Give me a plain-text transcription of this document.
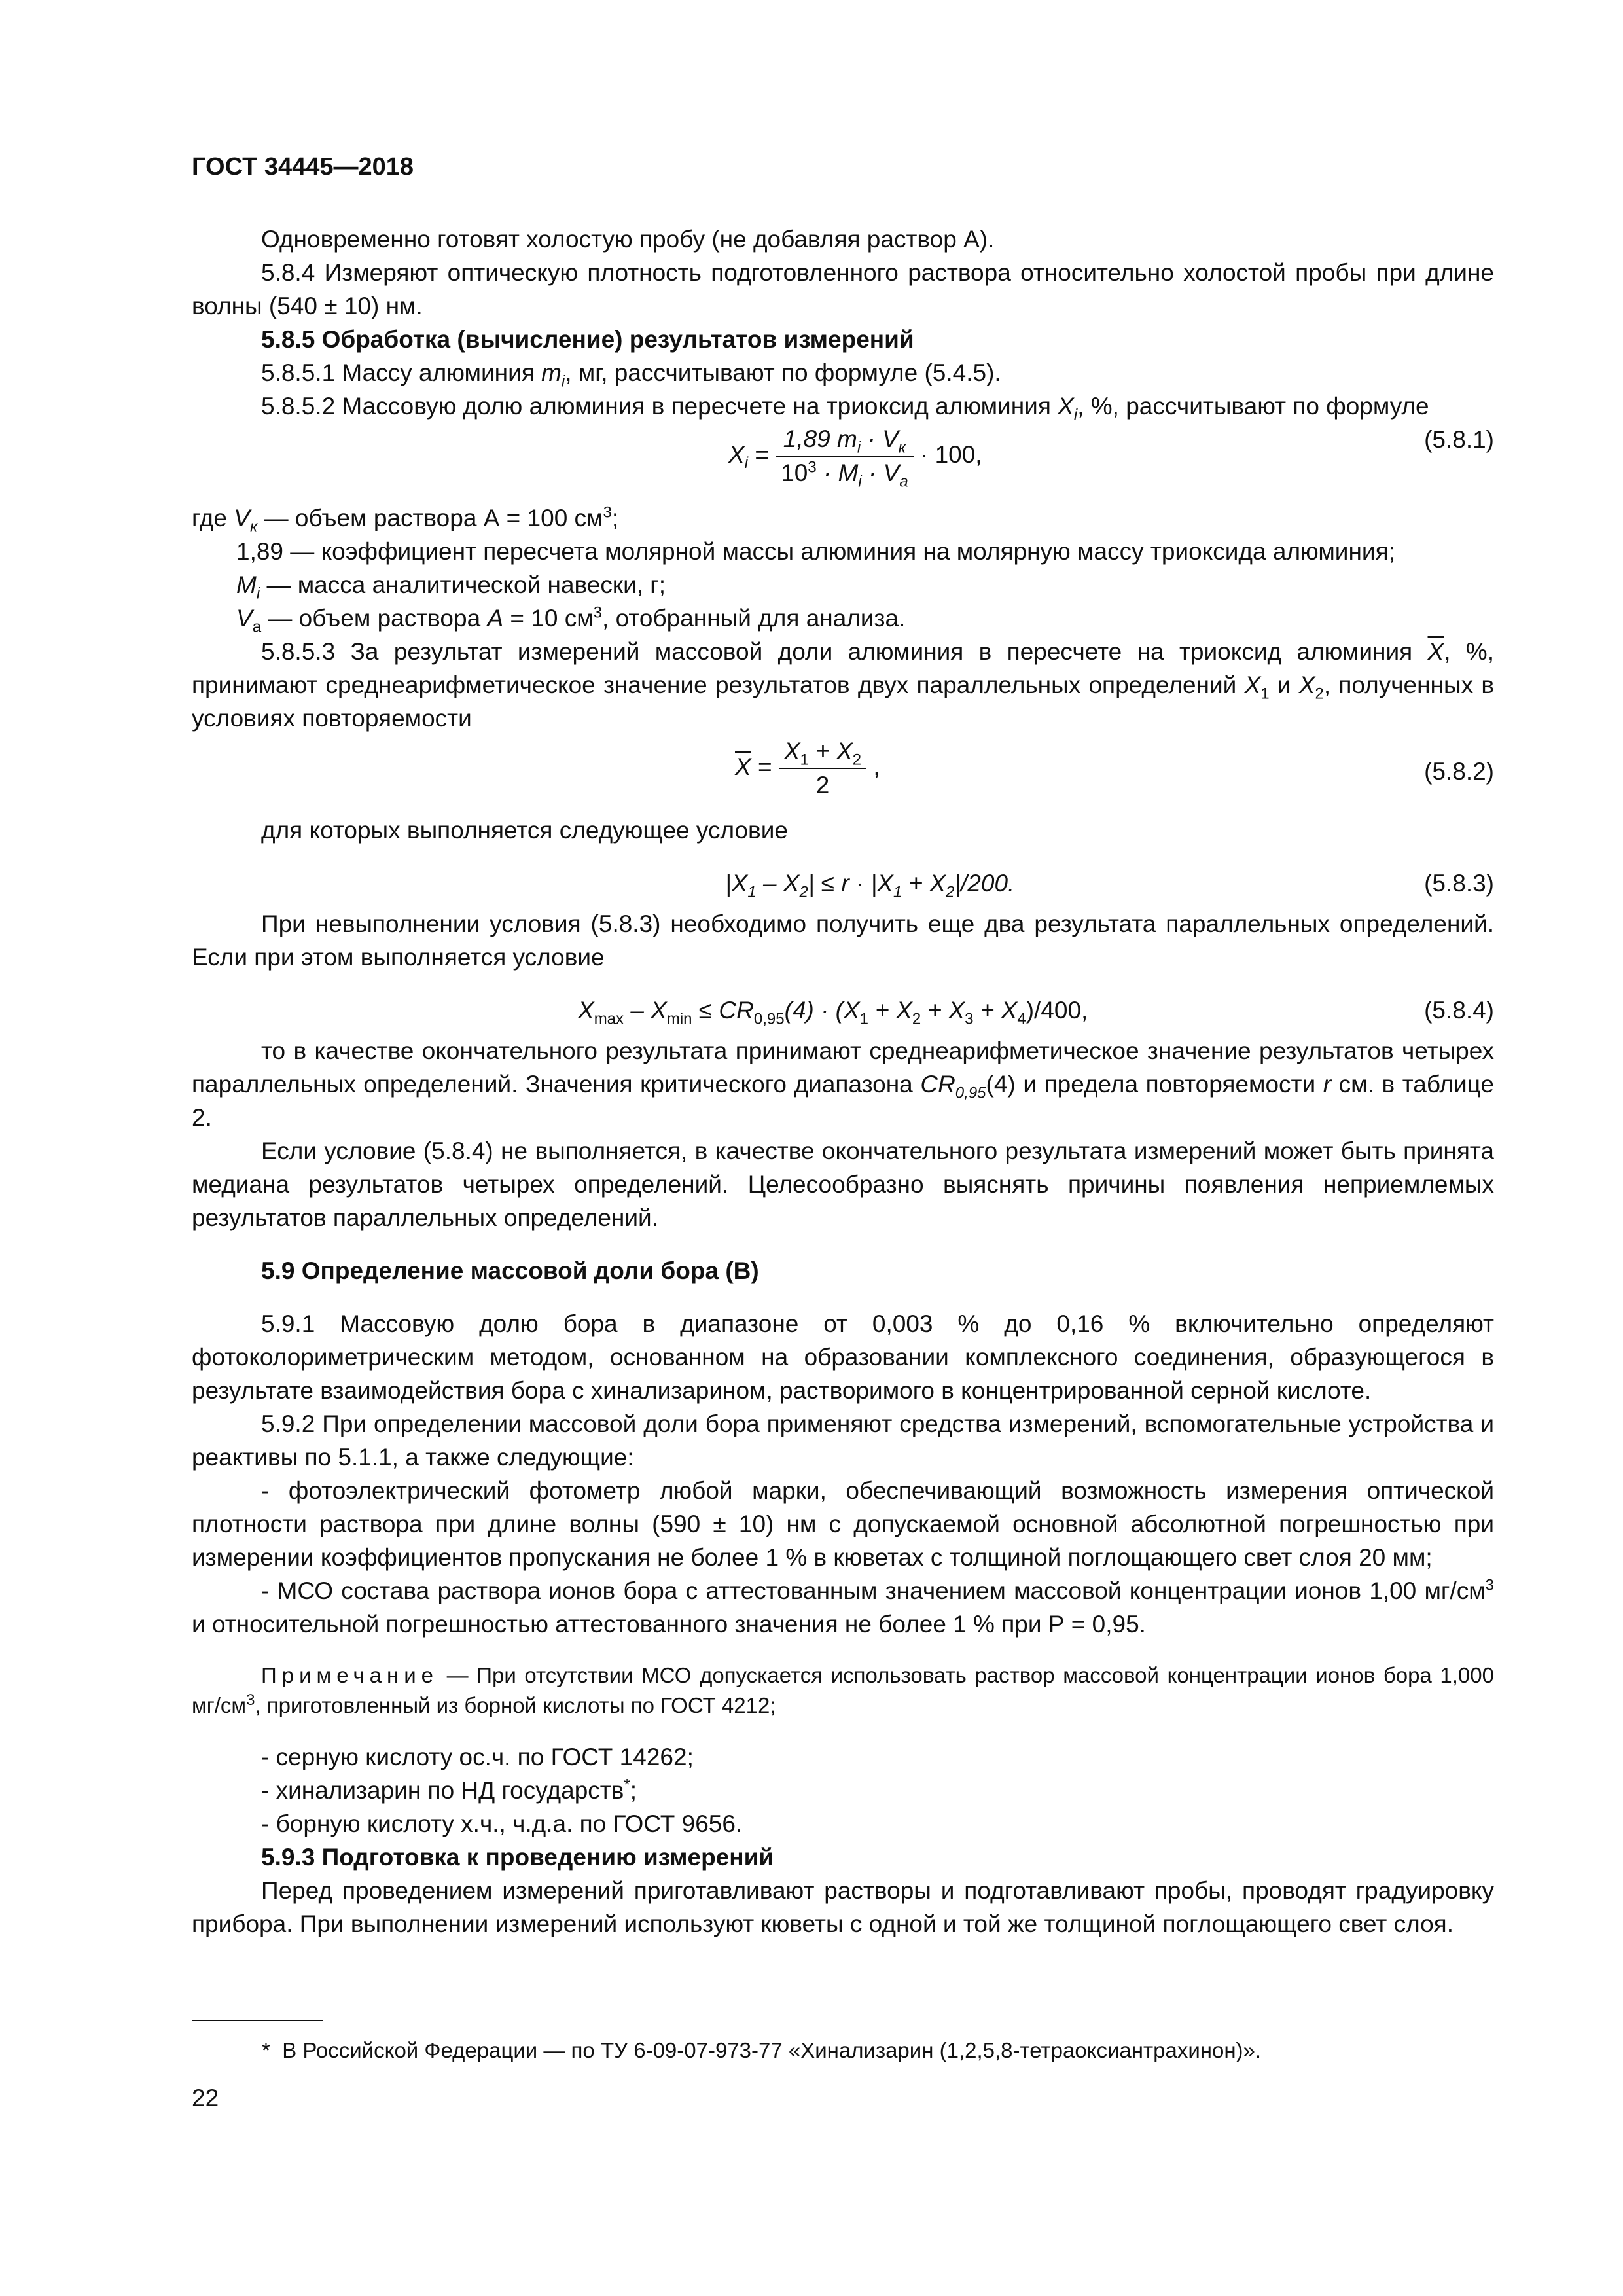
ГОСТ 34445—2018

Одновременно готовят холостую пробу (не добавляя раствор А).

5.8.4 Измеряют оптическую плотность подготовленного раствора относительно холостой пробы при длине волны (540 ± 10) нм.

5.8.5 Обработка (вычисление) результатов измерений

5.8.5.1 Массу алюминия $m_i$, мг, рассчитывают по формуле (5.4.5).

5.8.5.2 Массовую долю алюминия в пересчете на триоксид алюминия $X_i$, %, рассчитывают по формуле

$X_i = \frac{1,89 m_i \cdot V_к}{10^3 \cdot M_i \cdot V_a} \cdot 100$,
(5.8.1)

где $V_к$ — объем раствора А = 100 $см^3$;

1,89 — коэффициент пересчета молярной массы алюминия на молярную массу триоксида алюминия;

$M_i$ — масса аналитической навески, г;

$V_a$ — объем раствора A = 10 $см^3$, отобранный для анализа.

5.8.5.3 За результат измерений массовой доли алюминия в пересчете на триоксид алюминия $\overline{X}$, %, принимают среднеарифметическое значение результатов двух параллельных определений $X_1$ и $X_2$, полученных в условиях повторяемости

$\overline{X} = \frac{X_1 + X_2}{2}$ ,	(5.8.2)

для которых выполняется следующее условие

$|X_1 - X_2| \le r \cdot |X_1 + X_2|/200$.	(5.8.3)

При невыполнении условия (5.8.3) необходимо получить еще два результата параллельных определений. Если при этом выполняется условие

$X_{max} - X_{min} \le CR_{0,95}(4) \cdot (X_1 + X_2 + X_3 + X_4)/400$,	(5.8.4)

то в качестве окончательного результата принимают среднеарифметическое значение результатов четырех параллельных определений. Значения критического диапазона $CR_{0,95}(4)$ и предела повторяемости r см. в таблице 2.

Если условие (5.8.4) не выполняется, в качестве окончательного результата измерений может быть принята медиана результатов четырех определений. Целесообразно выяснять причины появления неприемлемых результатов параллельных определений.

5.9 Определение массовой доли бора (В)

5.9.1 Массовую долю бора в диапазоне от 0,003 % до 0,16 % включительно определяют фотоколориметрическим методом, основанном на образовании комплексного соединения, образующегося в результате взаимодействия бора с хинализарином, растворимого в концентрированной серной кислоте.

5.9.2 При определении массовой доли бора применяют средства измерений, вспомогательные устройства и реактивы по 5.1.1, а также следующие:

- фотоэлектрический фотометр любой марки, обеспечивающий возможность измерения оптической плотности раствора при длине волны (590 ± 10) нм с допускаемой основной абсолютной погрешностью при измерении коэффициентов пропускания не более 1 % в кюветах с толщиной поглощающего свет слоя 20 мм;

- МСО состава раствора ионов бора с аттестованным значением массовой концентрации ионов 1,00 $мг/см^3$ и относительной погрешностью аттестованного значения не более 1 % при Р = 0,95.

Примечание — При отсутствии МСО допускается использовать раствор массовой концентрации ионов бора 1,000 $мг/см^3$, приготовленный из борной кислоты по ГОСТ 4212;

- серную кислоту ос.ч. по ГОСТ 14262;

- хинализарин по НД государств*;

- борную кислоту х.ч., ч.д.а. по ГОСТ 9656.

5.9.3 Подготовка к проведению измерений

Перед проведением измерений приготавливают растворы и подготавливают пробы, проводят градуировку прибора. При выполнении измерений используют кюветы с одной и той же толщиной поглощающего свет слоя.

* В Российской Федерации — по ТУ 6-09-07-973-77 «Хинализарин (1,2,5,8-тетраоксиантрахинон)».
22
